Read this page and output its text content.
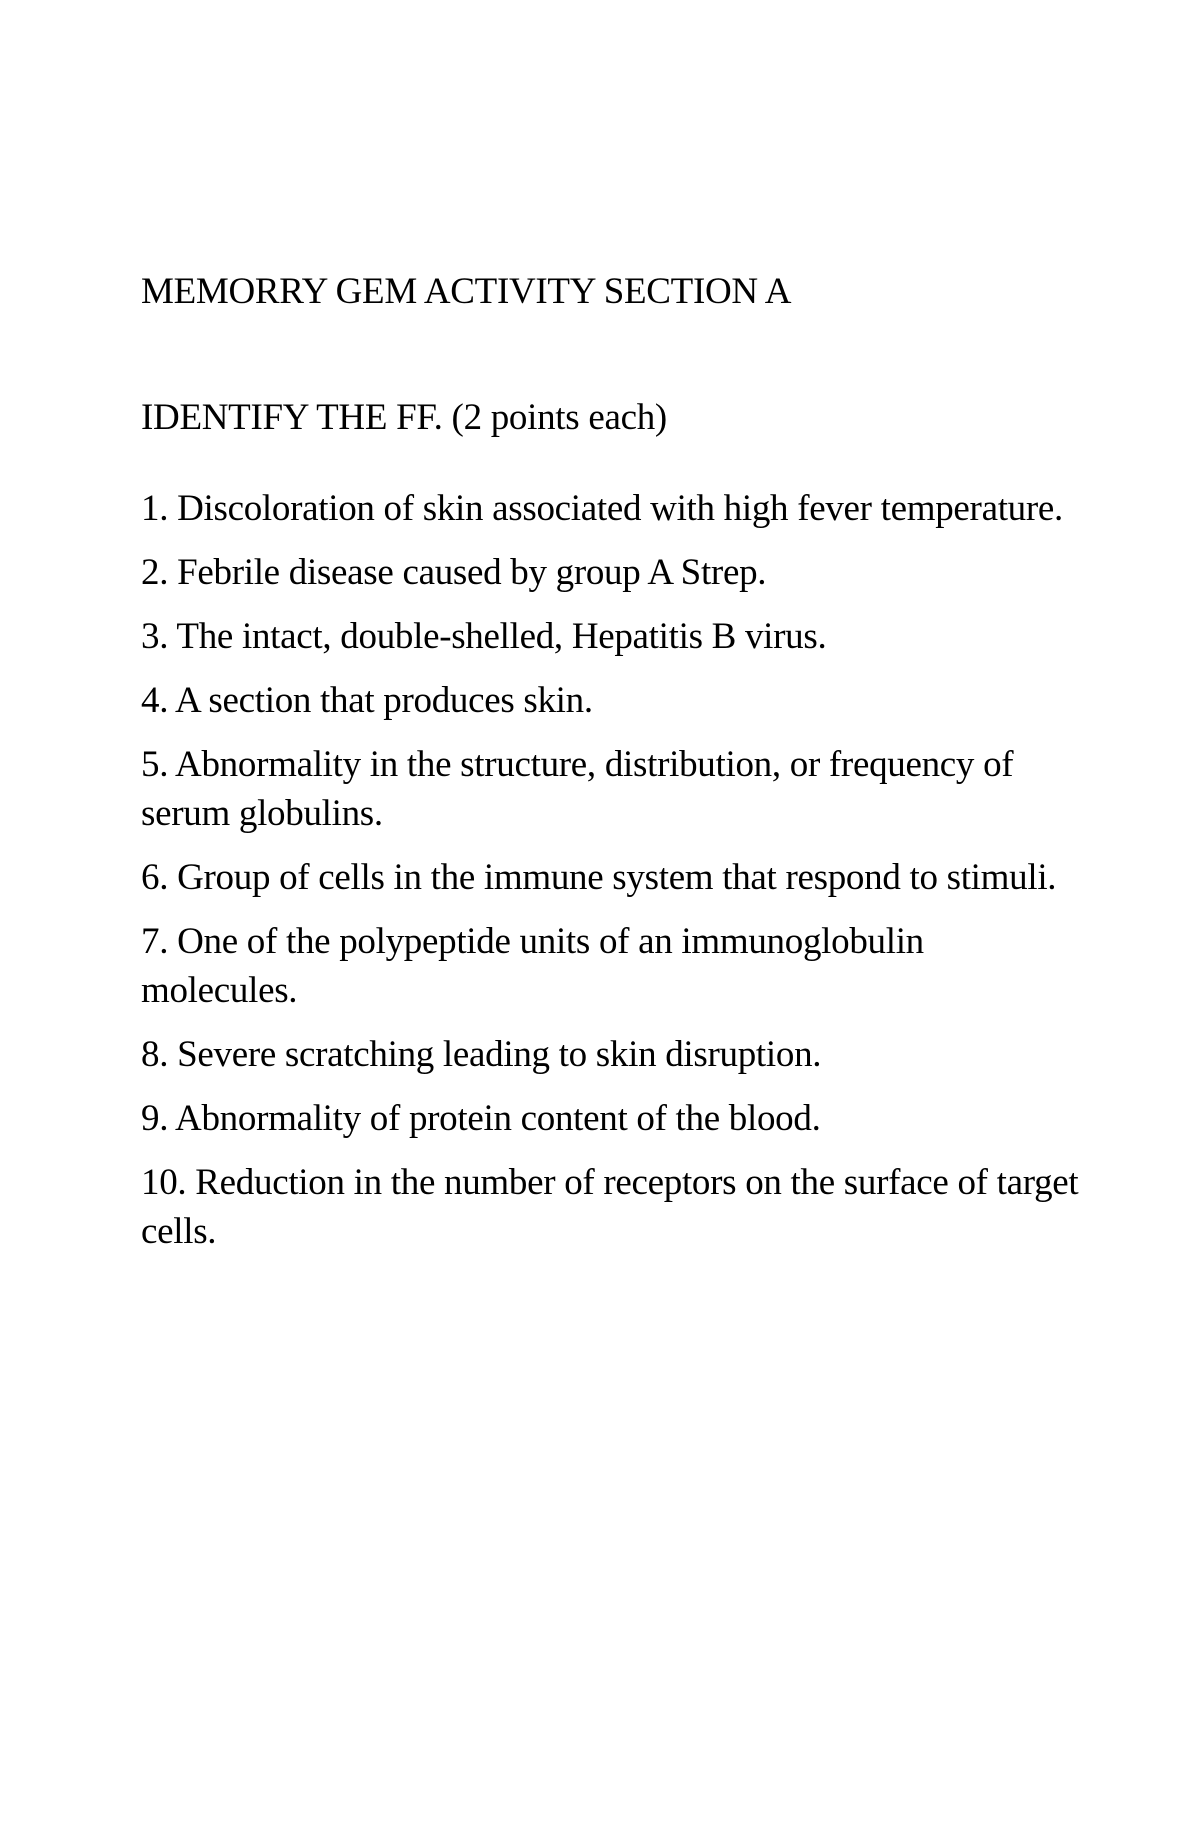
MEMORRY GEM ACTIVITY SECTION A
IDENTIFY THE FF. (2 points each)
1. Discoloration of skin associated with high fever temperature.
2. Febrile disease caused by group A Strep.
3. The intact, double-shelled, Hepatitis B virus.
4. A section that produces skin.
5. Abnormality in the structure, distribution, or frequency of serum globulins.
6. Group of cells in the immune system that respond to stimuli.
7. One of the polypeptide units of an immunoglobulin molecules.
8. Severe scratching leading to skin disruption.
9. Abnormality of protein content of the blood.
10. Reduction in the number of receptors on the surface of target cells.
